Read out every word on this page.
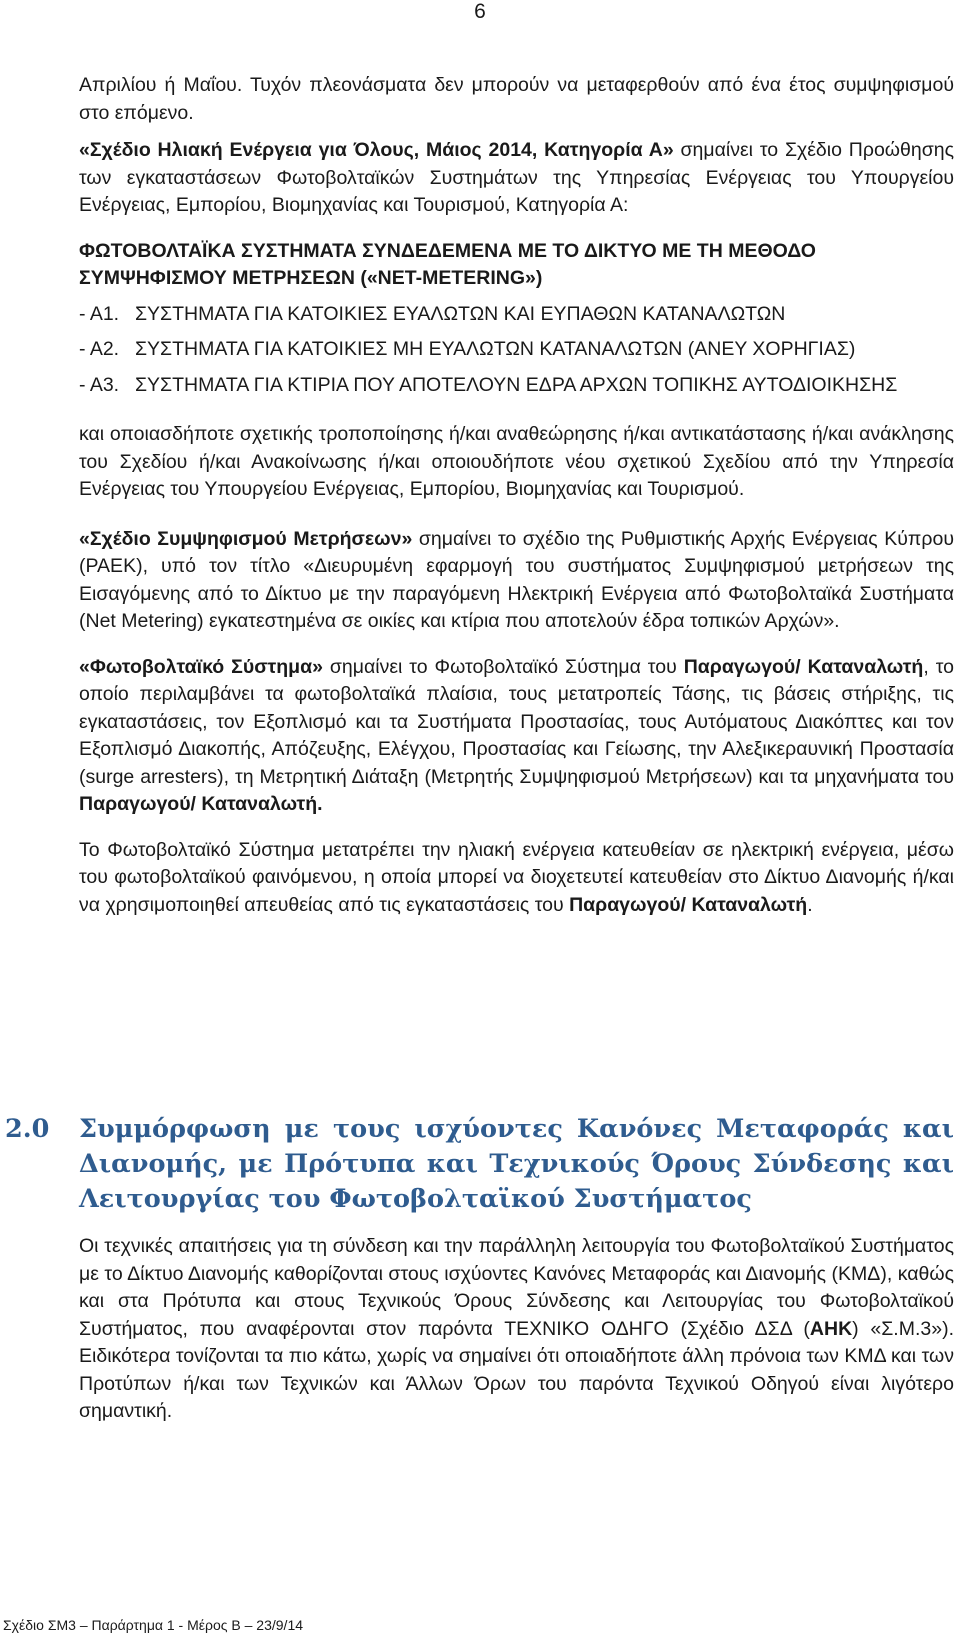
6

Απριλίου ή Μαΐου. Τυχόν πλεονάσματα δεν μπορούν να μεταφερθούν από ένα έτος συμψηφισμού στο επόμενο.

«Σχέδιο Ηλιακή Ενέργεια για Όλους, Μάιος 2014, Κατηγορία Α» σημαίνει το Σχέδιο Προώθησης των εγκαταστάσεων Φωτοβολταϊκών Συστημάτων της Υπηρεσίας Ενέργειας του Υπουργείου Ενέργειας, Εμπορίου, Βιομηχανίας και Τουρισμού, Κατηγορία Α:

ΦΩΤΟΒΟΛΤΑΪΚΑ ΣΥΣΤΗΜΑΤΑ ΣΥΝΔΕΔΕΜΕΝΑ ΜΕ ΤΟ ΔΙΚΤΥΟ ΜΕ ΤΗ ΜΕΘΟΔΟ ΣΥΜΨΗΦΙΣΜΟΥ ΜΕΤΡΗΣΕΩΝ («NET-METERING»)

- Α1. ΣΥΣΤΗΜΑΤΑ ΓΙΑ ΚΑΤΟΙΚΙΕΣ ΕΥΑΛΩΤΩΝ ΚΑΙ ΕΥΠΑΘΩΝ ΚΑΤΑΝΑΛΩΤΩΝ
- Α2. ΣΥΣΤΗΜΑΤΑ ΓΙΑ ΚΑΤΟΙΚΙΕΣ ΜΗ ΕΥΑΛΩΤΩΝ ΚΑΤΑΝΑΛΩΤΩΝ (ΑΝΕΥ ΧΟΡΗΓΙΑΣ)
- Α3. ΣΥΣΤΗΜΑΤΑ ΓΙΑ ΚΤΙΡΙΑ ΠΟΥ ΑΠΟΤΕΛΟΥΝ ΕΔΡΑ ΑΡΧΩΝ ΤΟΠΙΚΗΣ ΑΥΤΟΔΙΟΙΚΗΣΗΣ

και οποιασδήποτε σχετικής τροποποίησης ή/και αναθεώρησης ή/και αντικατάστασης ή/και ανάκλησης του Σχεδίου ή/και Ανακοίνωσης ή/και οποιουδήποτε νέου σχετικού Σχεδίου από την Υπηρεσία Ενέργειας του Υπουργείου Ενέργειας, Εμπορίου, Βιομηχανίας και Τουρισμού.

«Σχέδιο Συμψηφισμού Μετρήσεων» σημαίνει το σχέδιο της Ρυθμιστικής Αρχής Ενέργειας Κύπρου (ΡΑΕΚ), υπό τον τίτλο «Διευρυμένη εφαρμογή του συστήματος Συμψηφισμού μετρήσεων της Εισαγόμενης από το Δίκτυο με την παραγόμενη Ηλεκτρική Ενέργεια από Φωτοβολταϊκά Συστήματα (Net Metering) εγκατεστημένα σε οικίες και κτίρια που αποτελούν έδρα τοπικών Αρχών».

«Φωτοβολταϊκό Σύστημα» σημαίνει το Φωτοβολταϊκό Σύστημα του Παραγωγού/ Καταναλωτή, το οποίο περιλαμβάνει τα φωτοβολταϊκά πλαίσια, τους μετατροπείς Τάσης, τις βάσεις στήριξης, τις εγκαταστάσεις, τον Εξοπλισμό και τα Συστήματα Προστασίας, τους Αυτόματους Διακόπτες και τον Εξοπλισμό Διακοπής, Απόζευξης, Ελέγχου, Προστασίας και Γείωσης, την Αλεξικεραυνική Προστασία (surge arresters), τη Μετρητική Διάταξη (Μετρητής Συμψηφισμού Μετρήσεων) και τα μηχανήματα του Παραγωγού/ Καταναλωτή.

Το Φωτοβολταϊκό Σύστημα μετατρέπει την ηλιακή ενέργεια κατευθείαν σε ηλεκτρική ενέργεια, μέσω του φωτοβολταϊκού φαινόμενου, η οποία μπορεί να διοχετευτεί κατευθείαν στο Δίκτυο Διανομής ή/και να χρησιμοποιηθεί απευθείας από τις εγκαταστάσεις του Παραγωγού/ Καταναλωτή.

2.0 Συμμόρφωση με τους ισχύοντες Κανόνες Μεταφοράς και Διανομής, με Πρότυπα και Τεχνικούς Όρους Σύνδεσης και Λειτουργίας του Φωτοβολταϊκού Συστήματος
Οι τεχνικές απαιτήσεις για τη σύνδεση και την παράλληλη λειτουργία του Φωτοβολταϊκού Συστήματος με το Δίκτυο Διανομής καθορίζονται στους ισχύοντες Κανόνες Μεταφοράς και Διανομής (ΚΜΔ), καθώς και στα Πρότυπα και στους Τεχνικούς Όρους Σύνδεσης και Λειτουργίας του Φωτοβολταϊκού Συστήματος, που αναφέρονται στον παρόντα ΤΕΧΝΙΚΟ ΟΔΗΓΟ (Σχέδιο ΔΣΔ (ΑΗΚ) «Σ.Μ.3»). Ειδικότερα τονίζονται τα πιο κάτω, χωρίς να σημαίνει ότι οποιαδήποτε άλλη πρόνοια των ΚΜΔ και των Προτύπων ή/και των Τεχνικών και Άλλων Όρων του παρόντα Τεχνικού Οδηγού είναι λιγότερο σημαντική.
Σχέδιο ΣΜ3 – Παράρτημα 1 - Μέρος Β – 23/9/14
